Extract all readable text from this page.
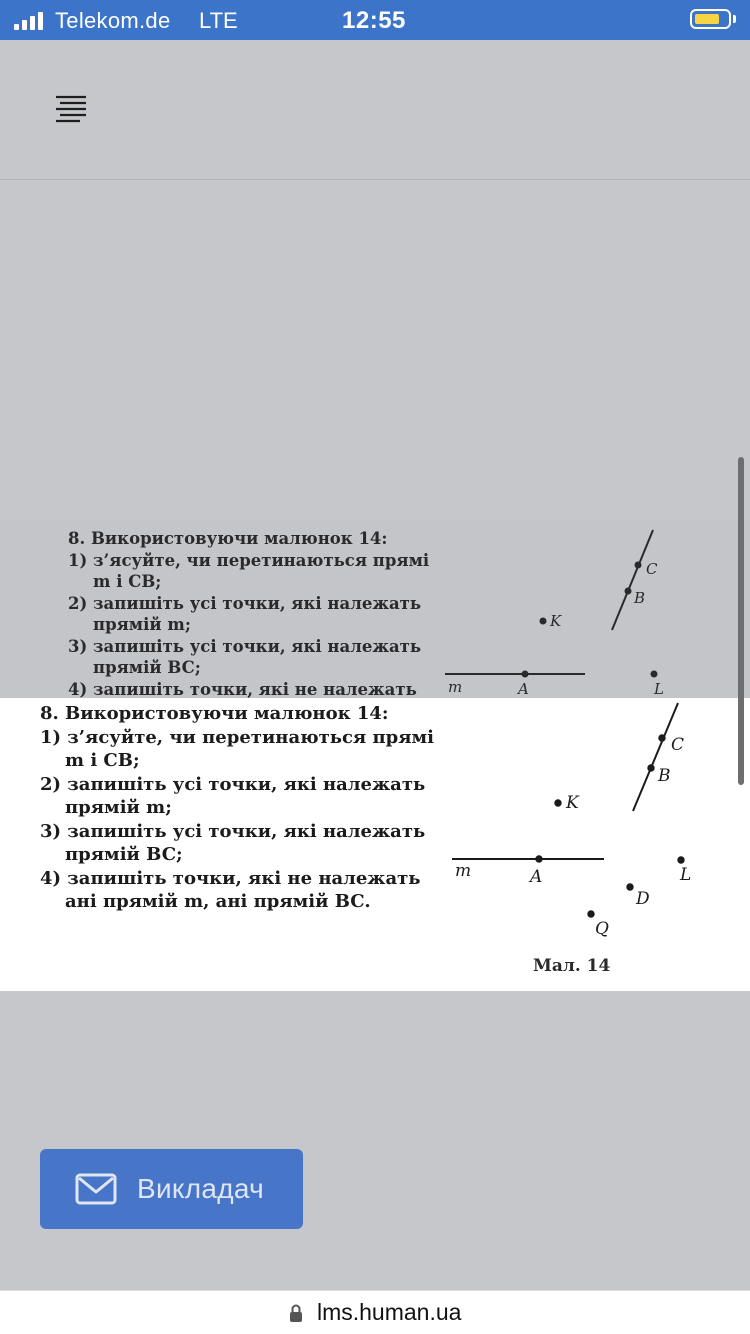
Telekom.de LTE	12:55
8. Використовуючи малюнок 14:
1) з’ясуйте, чи перетинаються прямі
m і CB;
2) запишіть усі точки, які належать
прямій m;
3) запишіть усі точки, які належать
прямій BC;
4) запишіть точки, які не належать
C
B
K
m	A	L
8. Використовуючи малюнок 14:
1) з’ясуйте, чи перетинаються прямі
m і CB;
2) запишіть усі точки, які належать
прямій m;
3) запишіть усі точки, які належать
прямій BC;
4) запишіть точки, які не належать
ані прямій m, ані прямій BC.
C
B
K
m	A	L
D
Q
Мал. 14
Викладач
lms.human.ua
